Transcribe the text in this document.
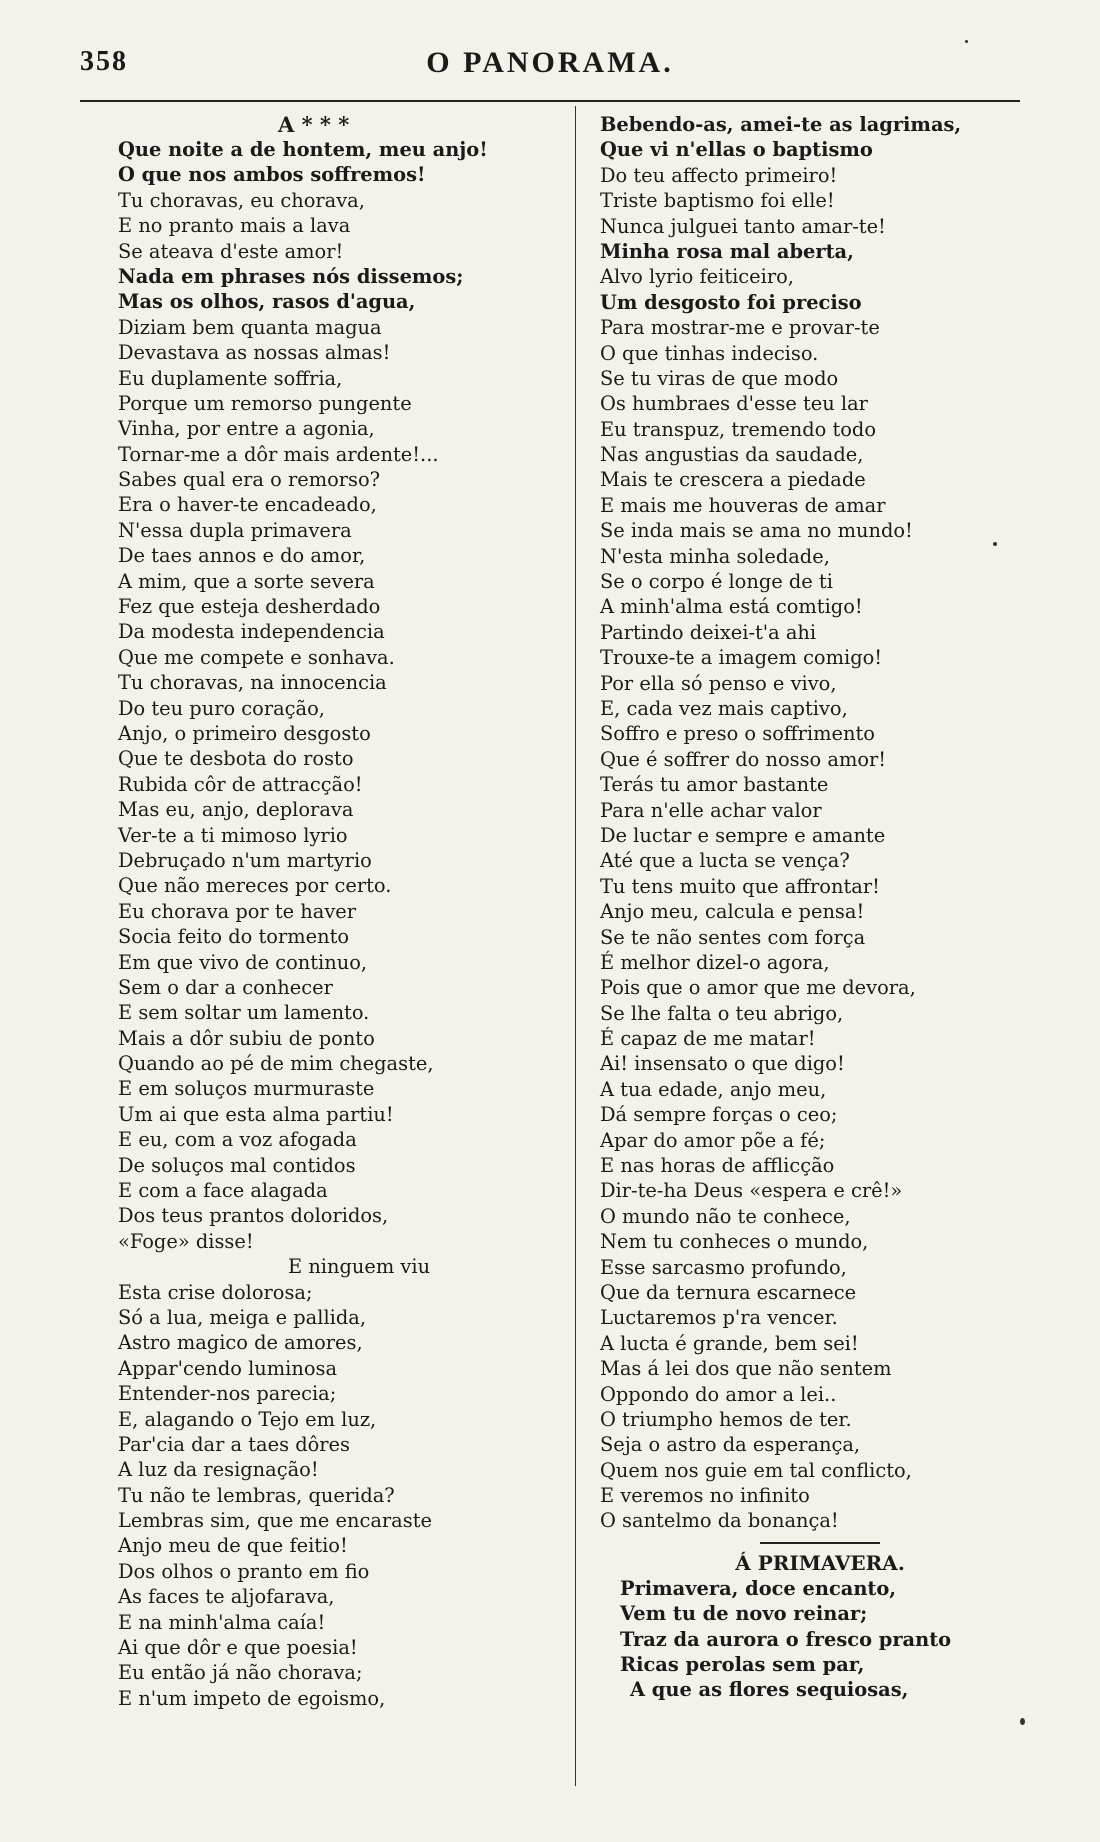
358	O PANORAMA.
A * * *
Que noite a de hontem, meu anjo!
O que nos ambos soffremos!
Tu choravas, eu chorava,
E no pranto mais a lava
Se ateava d'este amor!
Nada em phrases nós dissemos;
Mas os olhos, rasos d'agua,
Diziam bem quanta magua
Devastava as nossas almas!
Eu duplamente soffria,
Porque um remorso pungente
Vinha, por entre a agonia,
Tornar-me a dôr mais ardente!...
Sabes qual era o remorso?
Era o haver-te encadeado,
N'essa dupla primavera
De taes annos e do amor,
A mim, que a sorte severa
Fez que esteja desherdado
Da modesta independencia
Que me compete e sonhava.
Tu choravas, na innocencia
Do teu puro coração,
Anjo, o primeiro desgosto
Que te desbota do rosto
Rubida côr de attracção!
Mas eu, anjo, deplorava
Ver-te a ti mimoso lyrio
Debruçado n'um martyrio
Que não mereces por certo.
Eu chorava por te haver
Socia feito do tormento
Em que vivo de continuo,
Sem o dar a conhecer
E sem soltar um lamento.
Mais a dôr subiu de ponto
Quando ao pé de mim chegaste,
E em soluços murmuraste
Um ai que esta alma partiu!
E eu, com a voz afogada
De soluços mal contidos
E com a face alagada
Dos teus prantos doloridos,
«Foge» disse!
E ninguem viu
Esta crise dolorosa;
Só a lua, meiga e pallida,
Astro magico de amores,
Appar'cendo luminosa
Entender-nos parecia;
E, alagando o Tejo em luz,
Par'cia dar a taes dôres
A luz da resignação!
Tu não te lembras, querida?
Lembras sim, que me encaraste
Anjo meu de que feitio!
Dos olhos o pranto em fio
As faces te aljofarava,
E na minh'alma caía!
Ai que dôr e que poesia!
Eu então já não chorava;
E n'um impeto de egoismo,
Bebendo-as, amei-te as lagrimas,
Que vi n'ellas o baptismo
Do teu affecto primeiro!
Triste baptismo foi elle!
Nunca julguei tanto amar-te!
Minha rosa mal aberta,
Alvo lyrio feiticeiro,
Um desgosto foi preciso
Para mostrar-me e provar-te
O que tinhas indeciso.
Se tu viras de que modo
Os humbraes d'esse teu lar
Eu transpuz, tremendo todo
Nas angustias da saudade,
Mais te crescera a piedade
E mais me houveras de amar
Se inda mais se ama no mundo!
N'esta minha soledade,
Se o corpo é longe de ti
A minh'alma está comtigo!
Partindo deixei-t'a ahi
Trouxe-te a imagem comigo!
Por ella só penso e vivo,
E, cada vez mais captivo,
Soffro e preso o soffrimento
Que é soffrer do nosso amor!
Terás tu amor bastante
Para n'elle achar valor
De luctar e sempre e amante
Até que a lucta se vença?
Tu tens muito que affrontar!
Anjo meu, calcula e pensa!
Se te não sentes com força
É melhor dizel-o agora,
Pois que o amor que me devora,
Se lhe falta o teu abrigo,
É capaz de me matar!
Ai! insensato o que digo!
A tua edade, anjo meu,
Dá sempre forças o ceo;
Apar do amor põe a fé;
E nas horas de afflicção
Dir-te-ha Deus «espera e crê!»
O mundo não te conhece,
Nem tu conheces o mundo,
Esse sarcasmo profundo,
Que da ternura escarnece
Luctaremos p'ra vencer.
A lucta é grande, bem sei!
Mas á lei dos que não sentem
Oppondo do amor a lei..
O triumpho hemos de ter.
Seja o astro da esperança,
Quem nos guie em tal conflicto,
E veremos no infinito
O santelmo da bonança!
Á PRIMAVERA.
Primavera, doce encanto,
Vem tu de novo reinar;
Traz da aurora o fresco pranto
Ricas perolas sem par,
A que as flores sequiosas,
